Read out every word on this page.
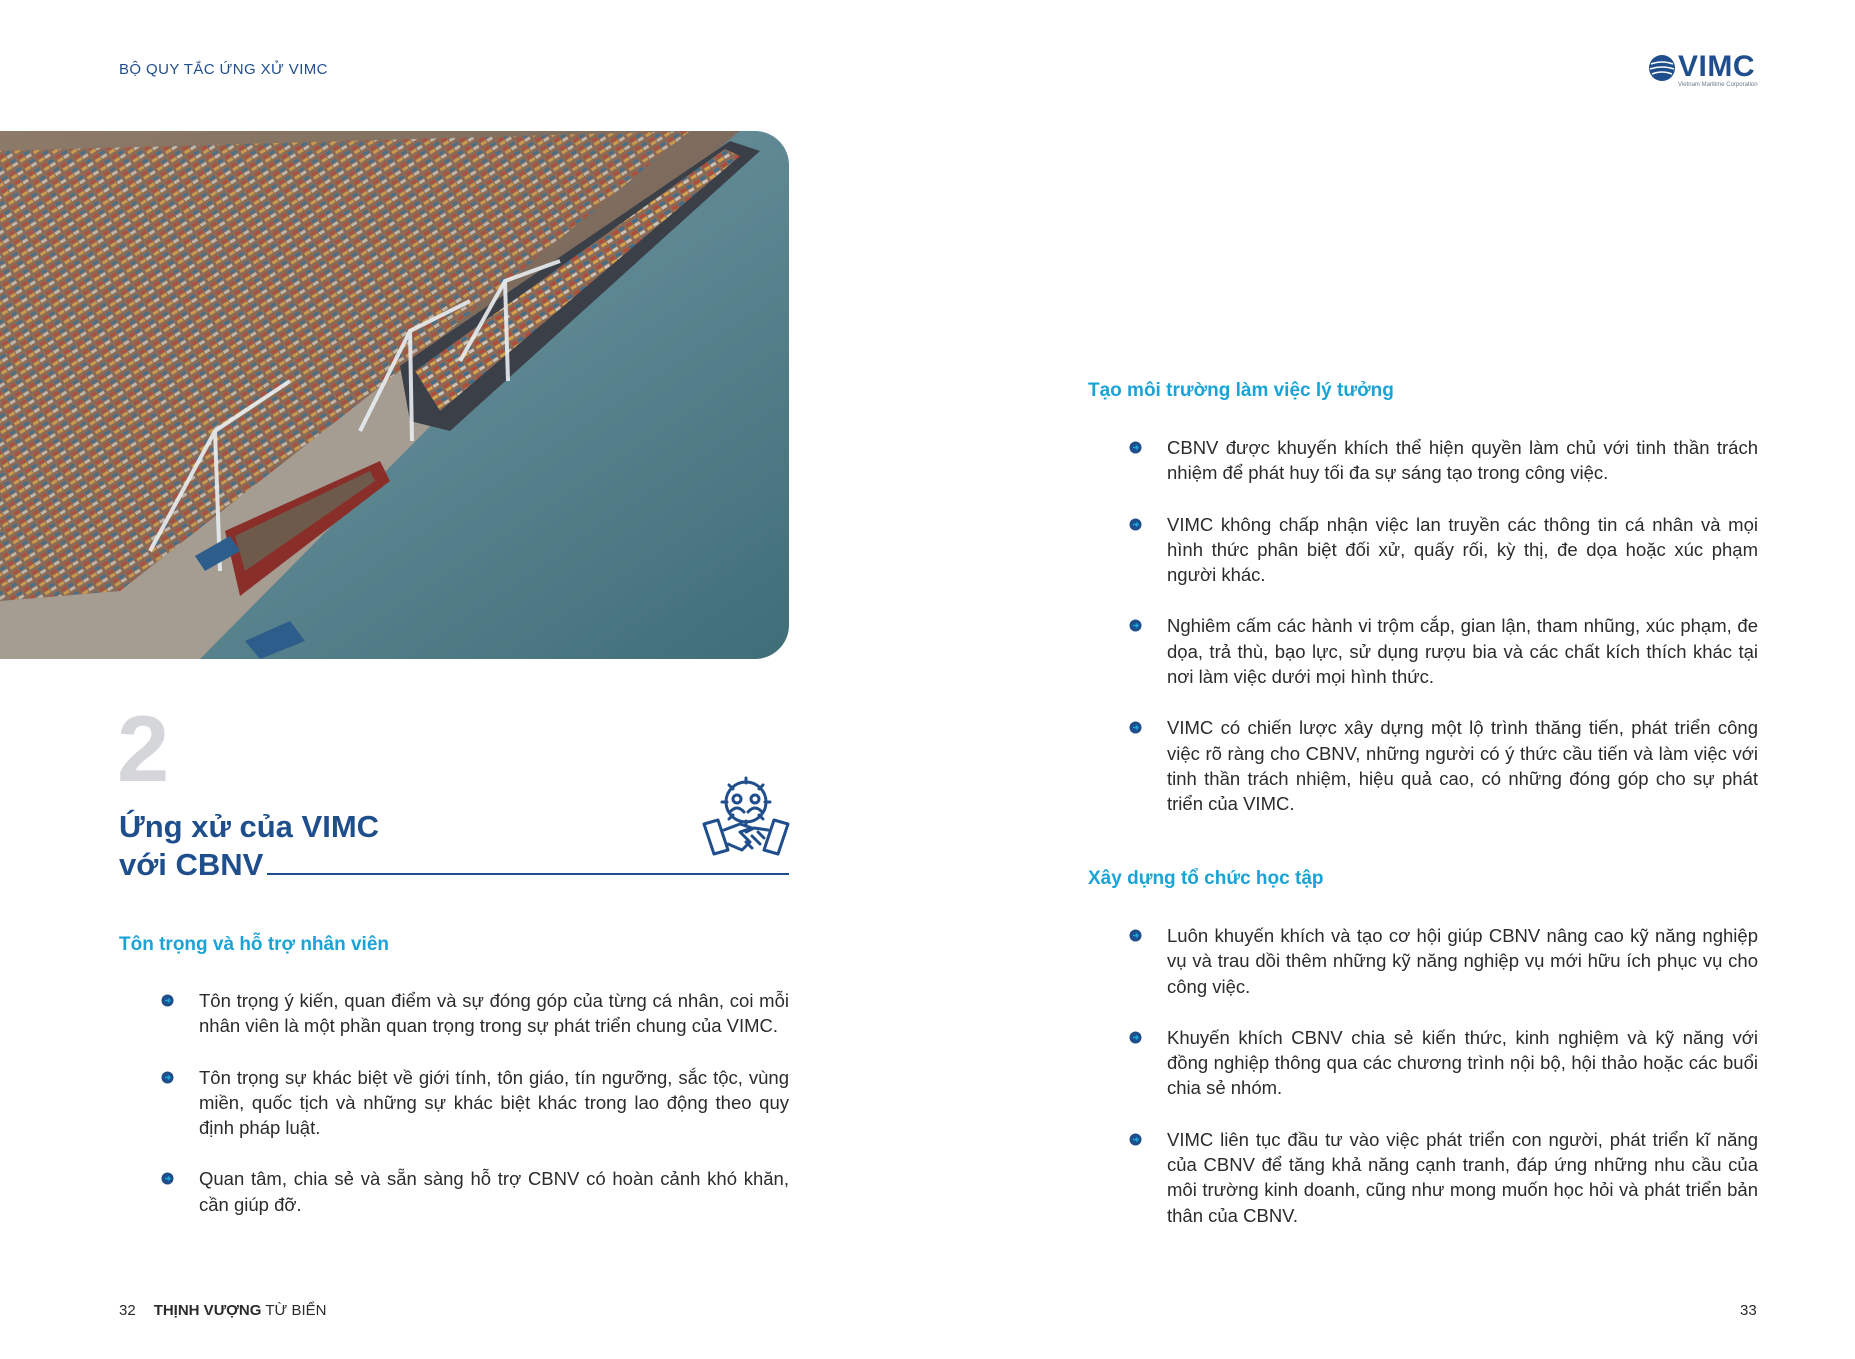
BỘ QUY TẮC ỨNG XỬ VIMC	VIMC
Vietnam Maritime Corporation
2
Ứng xử của VIMC
với CBNV
Tôn trọng và hỗ trợ nhân viên
Tôn trọng ý kiến, quan điểm và sự đóng góp của từng cá nhân, coi mỗi nhân viên là một phần quan trọng trong sự phát triển chung của VIMC.
Tôn trọng sự khác biệt về giới tính, tôn giáo, tín ngưỡng, sắc tộc, vùng miền, quốc tịch và những sự khác biệt khác trong lao động theo quy định pháp luật.
Quan tâm, chia sẻ và sẵn sàng hỗ trợ CBNV có hoàn cảnh khó khăn, cần giúp đỡ.
Tạo môi trường làm việc lý tưởng
CBNV được khuyến khích thể hiện quyền làm chủ với tinh thần trách nhiệm để phát huy tối đa sự sáng tạo trong công việc.
VIMC không chấp nhận việc lan truyền các thông tin cá nhân và mọi hình thức phân biệt đối xử, quấy rối, kỳ thị, đe dọa hoặc xúc phạm người khác.
Nghiêm cấm các hành vi trộm cắp, gian lận, tham nhũng, xúc phạm, đe dọa, trả thù, bạo lực, sử dụng rượu bia và các chất kích thích khác tại nơi làm việc dưới mọi hình thức.
VIMC có chiến lược xây dựng một lộ trình thăng tiến, phát triển công việc rõ ràng cho CBNV, những người có ý thức cầu tiến và làm việc với tinh thần trách nhiệm, hiệu quả cao, có những đóng góp cho sự phát triển của VIMC.
Xây dựng tổ chức học tập
Luôn khuyến khích và tạo cơ hội giúp CBNV nâng cao kỹ năng nghiệp vụ và trau dồi thêm những kỹ năng nghiệp vụ mới hữu ích phục vụ cho công việc.
Khuyến khích CBNV chia sẻ kiến thức, kinh nghiệm và kỹ năng với đồng nghiệp thông qua các chương trình nội bộ, hội thảo hoặc các buổi chia sẻ nhóm.
VIMC liên tục đầu tư vào việc phát triển con người, phát triển kĩ năng của CBNV để tăng khả năng cạnh tranh, đáp ứng những nhu cầu của môi trường kinh doanh, cũng như mong muốn học hỏi và phát triển bản thân của CBNV.
32 THỊNH VƯỢNG TỪ BIỂN	33
